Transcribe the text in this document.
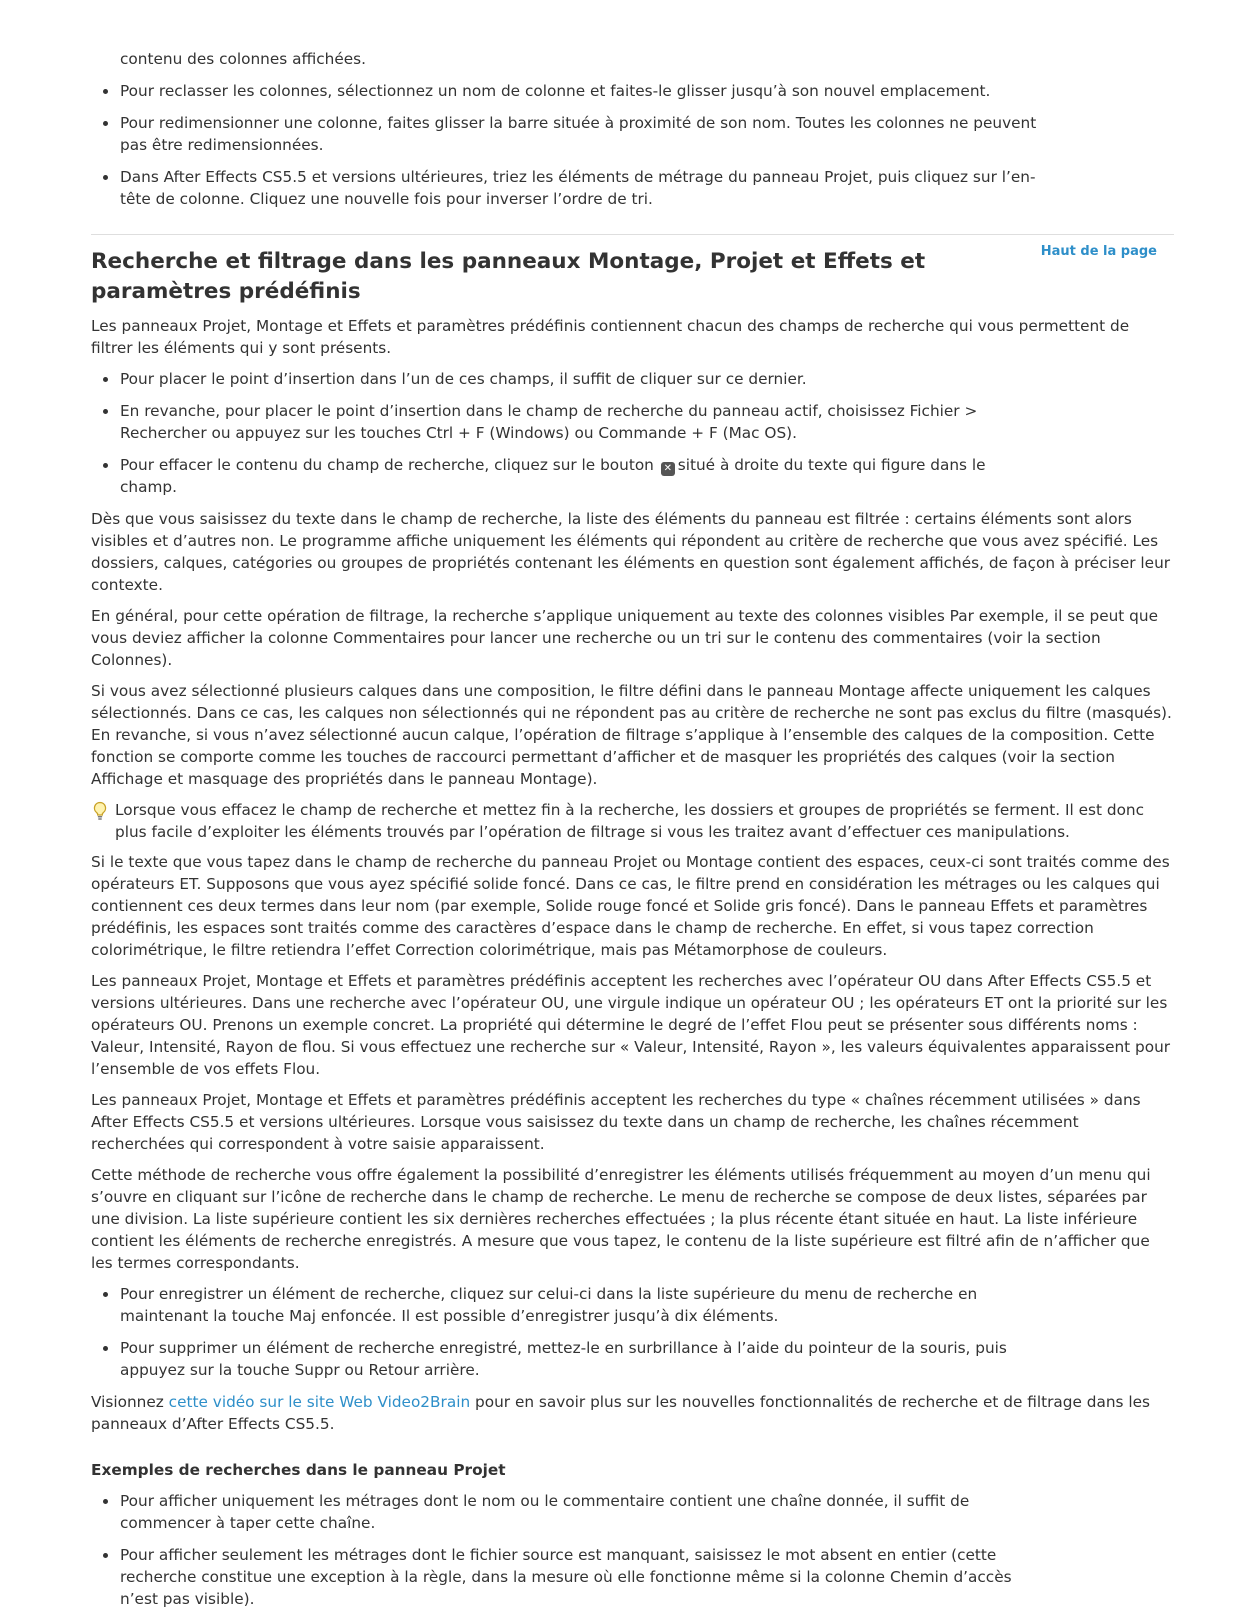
contenu des colonnes affichées.
Pour reclasser les colonnes, sélectionnez un nom de colonne et faites-le glisser jusqu’à son nouvel emplacement.
Pour redimensionner une colonne, faites glisser la barre située à proximité de son nom. Toutes les colonnes ne peuvent pas être redimensionnées.
Dans After Effects CS5.5 et versions ultérieures, triez les éléments de métrage du panneau Projet, puis cliquez sur l’en-tête de colonne. Cliquez une nouvelle fois pour inverser l’ordre de tri.
Recherche et filtrage dans les panneaux Montage, Projet et Effets et paramètres prédéfinis
Haut de la page

Les panneaux Projet, Montage et Effets et paramètres prédéfinis contiennent chacun des champs de recherche qui vous permettent de filtrer les éléments qui y sont présents.

Pour placer le point d’insertion dans l’un de ces champs, il suffit de cliquer sur ce dernier.
En revanche, pour placer le point d’insertion dans le champ de recherche du panneau actif, choisissez Fichier > Rechercher ou appuyez sur les touches Ctrl + F (Windows) ou Commande + F (Mac OS).
Pour effacer le contenu du champ de recherche, cliquez sur le bouton ✕ situé à droite du texte qui figure dans le champ.

Dès que vous saisissez du texte dans le champ de recherche, la liste des éléments du panneau est filtrée : certains éléments sont alors visibles et d’autres non. Le programme affiche uniquement les éléments qui répondent au critère de recherche que vous avez spécifié. Les dossiers, calques, catégories ou groupes de propriétés contenant les éléments en question sont également affichés, de façon à préciser leur contexte.

En général, pour cette opération de filtrage, la recherche s’applique uniquement au texte des colonnes visibles Par exemple, il se peut que vous deviez afficher la colonne Commentaires pour lancer une recherche ou un tri sur le contenu des commentaires (voir la section Colonnes).

Si vous avez sélectionné plusieurs calques dans une composition, le filtre défini dans le panneau Montage affecte uniquement les calques sélectionnés. Dans ce cas, les calques non sélectionnés qui ne répondent pas au critère de recherche ne sont pas exclus du filtre (masqués). En revanche, si vous n’avez sélectionné aucun calque, l’opération de filtrage s’applique à l’ensemble des calques de la composition. Cette fonction se comporte comme les touches de raccourci permettant d’afficher et de masquer les propriétés des calques (voir la section Affichage et masquage des propriétés dans le panneau Montage).

Lorsque vous effacez le champ de recherche et mettez fin à la recherche, les dossiers et groupes de propriétés se ferment. Il est donc plus facile d’exploiter les éléments trouvés par l’opération de filtrage si vous les traitez avant d’effectuer ces manipulations.

Si le texte que vous tapez dans le champ de recherche du panneau Projet ou Montage contient des espaces, ceux-ci sont traités comme des opérateurs ET. Supposons que vous ayez spécifié solide foncé. Dans ce cas, le filtre prend en considération les métrages ou les calques qui contiennent ces deux termes dans leur nom (par exemple, Solide rouge foncé et Solide gris foncé). Dans le panneau Effets et paramètres prédéfinis, les espaces sont traités comme des caractères d’espace dans le champ de recherche. En effet, si vous tapez correction colorimétrique, le filtre retiendra l’effet Correction colorimétrique, mais pas Métamorphose de couleurs.

Les panneaux Projet, Montage et Effets et paramètres prédéfinis acceptent les recherches avec l’opérateur OU dans After Effects CS5.5 et versions ultérieures. Dans une recherche avec l’opérateur OU, une virgule indique un opérateur OU ; les opérateurs ET ont la priorité sur les opérateurs OU. Prenons un exemple concret. La propriété qui détermine le degré de l’effet Flou peut se présenter sous différents noms : Valeur, Intensité, Rayon de flou. Si vous effectuez une recherche sur « Valeur, Intensité, Rayon », les valeurs équivalentes apparaissent pour l’ensemble de vos effets Flou.

Les panneaux Projet, Montage et Effets et paramètres prédéfinis acceptent les recherches du type « chaînes récemment utilisées » dans After Effects CS5.5 et versions ultérieures. Lorsque vous saisissez du texte dans un champ de recherche, les chaînes récemment recherchées qui correspondent à votre saisie apparaissent.

Cette méthode de recherche vous offre également la possibilité d’enregistrer les éléments utilisés fréquemment au moyen d’un menu qui s’ouvre en cliquant sur l’icône de recherche dans le champ de recherche. Le menu de recherche se compose de deux listes, séparées par une division. La liste supérieure contient les six dernières recherches effectuées ; la plus récente étant située en haut. La liste inférieure contient les éléments de recherche enregistrés. A mesure que vous tapez, le contenu de la liste supérieure est filtré afin de n’afficher que les termes correspondants.

Pour enregistrer un élément de recherche, cliquez sur celui-ci dans la liste supérieure du menu de recherche en maintenant la touche Maj enfoncée. Il est possible d’enregistrer jusqu’à dix éléments.
Pour supprimer un élément de recherche enregistré, mettez-le en surbrillance à l’aide du pointeur de la souris, puis appuyez sur la touche Suppr ou Retour arrière.

Visionnez cette vidéo sur le site Web Video2Brain pour en savoir plus sur les nouvelles fonctionnalités de recherche et de filtrage dans les panneaux d’After Effects CS5.5.

Exemples de recherches dans le panneau Projet
Pour afficher uniquement les métrages dont le nom ou le commentaire contient une chaîne donnée, il suffit de commencer à taper cette chaîne.
Pour afficher seulement les métrages dont le fichier source est manquant, saisissez le mot absent en entier (cette recherche constitue une exception à la règle, dans la mesure où elle fonctionne même si la colonne Chemin d’accès n’est pas visible).
